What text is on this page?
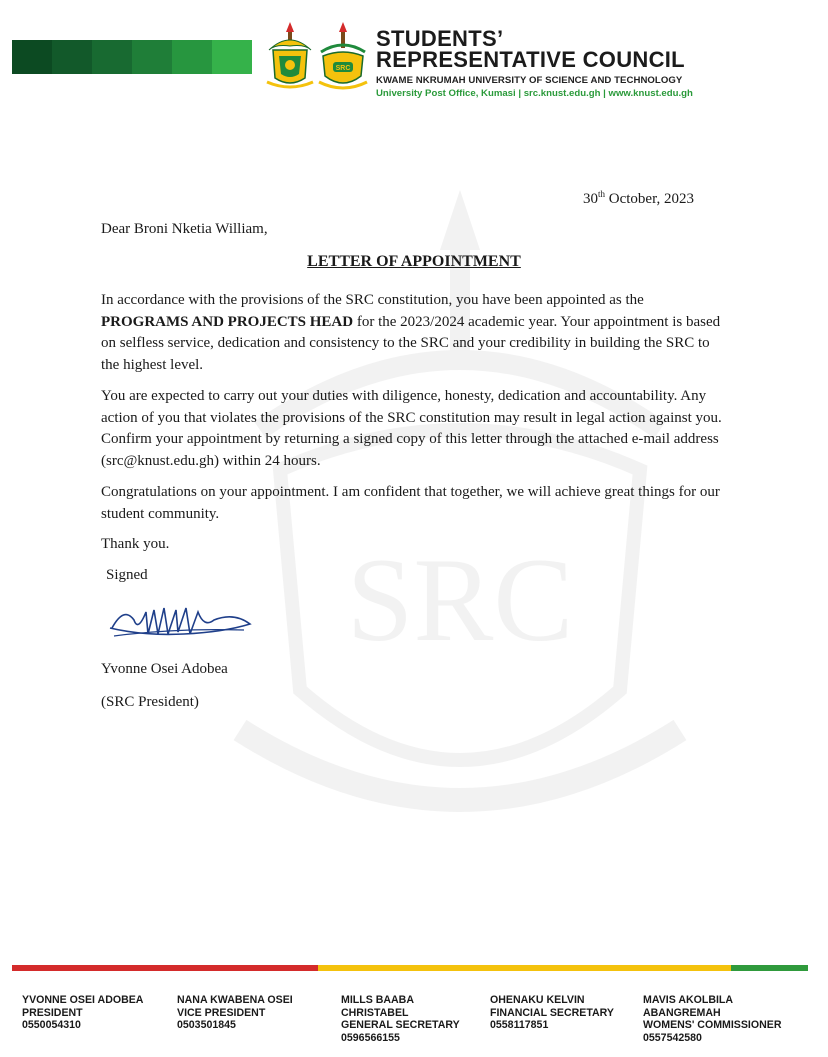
SRC
STUDENTS’
REPRESENTATIVE COUNCIL
KWAME NKRUMAH UNIVERSITY OF SCIENCE AND TECHNOLOGY
University Post Office, Kumasi | src.knust.edu.gh | www.knust.edu.gh
SRC
30th October, 2023
Dear Broni Nketia William,
LETTER OF APPOINTMENT
In accordance with the provisions of the SRC constitution, you have been appointed as the PROGRAMS AND PROJECTS HEAD for the 2023/2024 academic year. Your appointment is based on selfless service, dedication and consistency to the SRC and your credibility in building the SRC to the highest level.
You are expected to carry out your duties with diligence, honesty, dedication and accountability. Any action of you that violates the provisions of the SRC constitution may result in legal action against you. Confirm your appointment by returning a signed copy of this letter through the attached e-mail address (src@knust.edu.gh) within 24 hours.
Congratulations on your appointment. I am confident that together, we will achieve great things for our student community.
Thank you.
Signed
Yvonne Osei Adobea
(SRC President)
YVONNE OSEI ADOBEA
PRESIDENT
0550054310
NANA KWABENA OSEI
VICE PRESIDENT
0503501845
MILLS BAABA
CHRISTABEL
GENERAL SECRETARY
0596566155
OHENAKU KELVIN
FINANCIAL SECRETARY
0558117851
MAVIS AKOLBILA
ABANGREMAH
WOMENS' COMMISSIONER
0557542580
